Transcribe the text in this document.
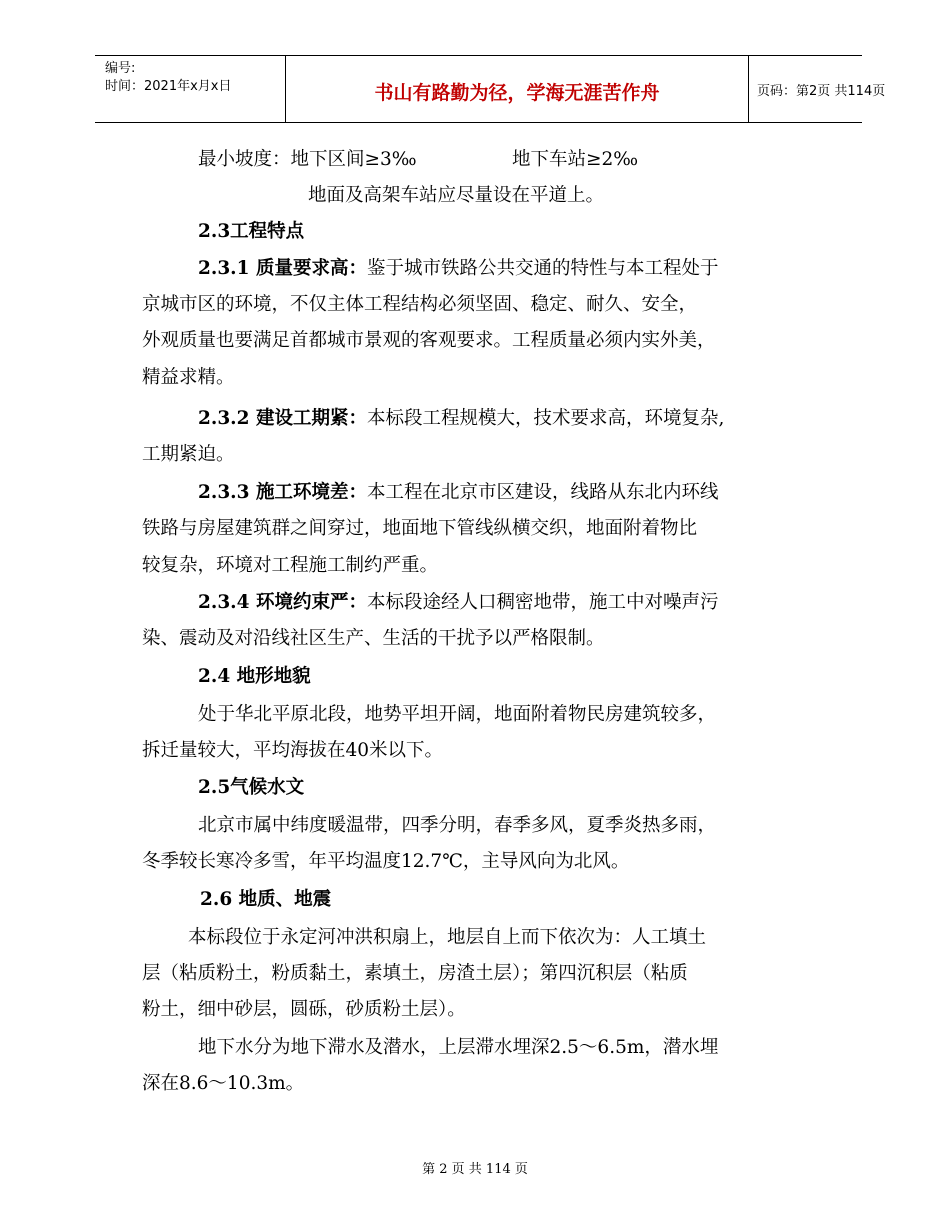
编号:
时间：2021年x月x日	书山有路勤为径，学海无涯苦作舟	页码：第2页 共114页
最小坡度：地下区间≥3‰	地下车站≥2‰
地面及高架车站应尽量设在平道上。
2.3工程特点
2.3.1 质量要求高：鉴于城市铁路公共交通的特性与本工程处于
京城市区的环境，不仅主体工程结构必须坚固、稳定、耐久、安全，
外观质量也要满足首都城市景观的客观要求。工程质量必须内实外美，
精益求精。
2.3.2 建设工期紧：本标段工程规模大，技术要求高，环境复杂,
工期紧迫。
2.3.3 施工环境差：本工程在北京市区建设，线路从东北内环线
铁路与房屋建筑群之间穿过，地面地下管线纵横交织，地面附着物比
较复杂，环境对工程施工制约严重。
2.3.4 环境约束严：本标段途经人口稠密地带，施工中对噪声污
染、震动及对沿线社区生产、生活的干扰予以严格限制。
2.4 地形地貌
处于华北平原北段，地势平坦开阔，地面附着物民房建筑较多，
拆迁量较大，平均海拔在40米以下。
2.5气候水文
北京市属中纬度暖温带，四季分明，春季多风，夏季炎热多雨，
冬季较长寒冷多雪，年平均温度12.7℃，主导风向为北风。
2.6 地质、地震
本标段位于永定河冲洪积扇上，地层自上而下依次为：人工填土
层（粘质粉土，粉质黏土，素填土，房渣土层）；第四沉积层（粘质
粉土，细中砂层，圆砾，砂质粉土层）。
地下水分为地下滞水及潜水，上层滞水埋深2.5～6.5m，潜水埋
深在8.6～10.3m。
第 2 页 共 114 页
